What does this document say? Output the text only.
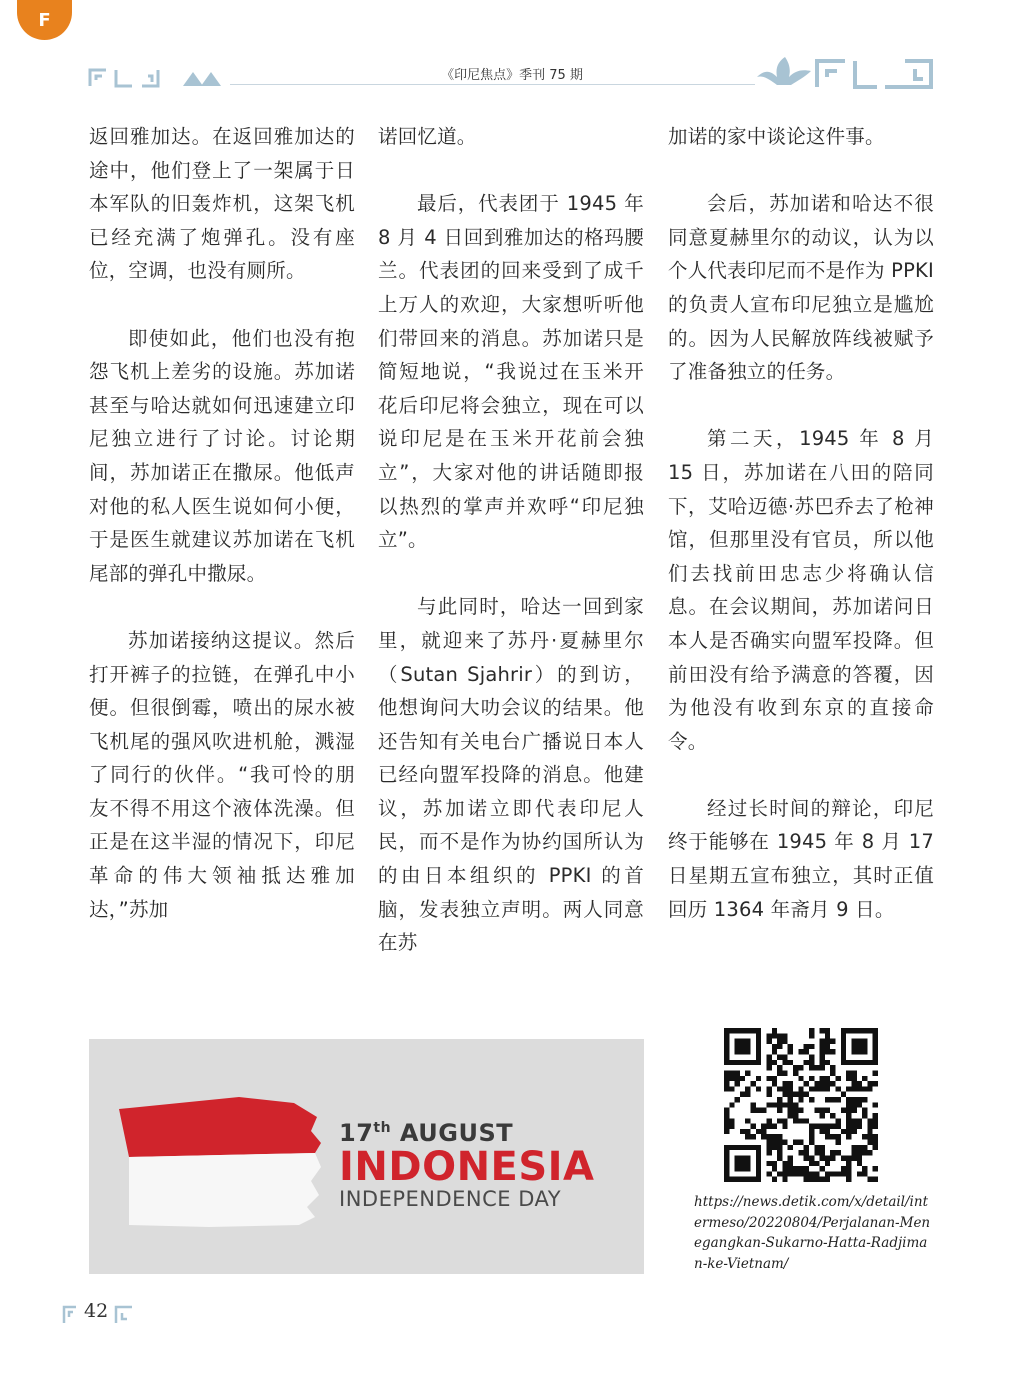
F
《印尼焦点》季刊 75 期

返回雅加达。在返回雅加达的途中，他们登上了一架属于日本军队的旧轰炸机，这架飞机已经充满了炮弹孔。没有座位，空调，也没有厕所。

即使如此，他们也没有抱怨飞机上差劣的设施。苏加诺甚至与哈达就如何迅速建立印尼独立进行了讨论。讨论期间，苏加诺正在撒尿。他低声对他的私人医生说如何小便，于是医生就建议苏加诺在飞机尾部的弹孔中撒尿。

苏加诺接纳这提议。然后打开裤子的拉链，在弹孔中小便。但很倒霉，喷出的尿水被飞机尾的强风吹进机舱，溅湿了同行的伙伴。“我可怜的朋友不得不用这个液体洗澡。但正是在这半湿的情况下，印尼革命的伟大领袖抵达雅加达，”苏加

诺回忆道。

最后，代表团于 1945 年 8 月 4 日回到雅加达的格玛腰兰。代表团的回来受到了成千上万人的欢迎，大家想听听他们带回来的消息。苏加诺只是简短地说，“我说过在玉米开花后印尼将会独立，现在可以说印尼是在玉米开花前会独立”，大家对他的讲话随即报以热烈的掌声并欢呼“印尼独立”。

与此同时，哈达一回到家里，就迎来了苏丹·夏赫里尔（Sutan Sjahrir）的到访，他想询问大叻会议的结果。他还告知有关电台广播说日本人已经向盟军投降的消息。他建议，苏加诺立即代表印尼人民，而不是作为协约国所认为的由日本组织的 PPKI 的首脑，发表独立声明。两人同意在苏

加诺的家中谈论这件事。

会后，苏加诺和哈达不很同意夏赫里尔的动议，认为以个人代表印尼而不是作为 PPKI 的负责人宣布印尼独立是尴尬的。因为人民解放阵线被赋予了准备独立的任务。

第二天，1945 年 8 月 15 日，苏加诺在八田的陪同下，艾哈迈德·苏巴乔去了枪神馆，但那里没有官员，所以他们去找前田忠志少将确认信息。在会议期间，苏加诺问日本人是否确实向盟军投降。但前田没有给予满意的答覆，因为他没有收到东京的直接命令。

经过长时间的辩论，印尼终于能够在 1945 年 8 月 17 日星期五宣布独立，其时正值回历 1364 年斋月 9 日。

17th AUGUST
INDONESIA
INDEPENDENCE DAY	https://news.detik.com/x/detail/intermeso/20220804/Perjalanan-Menegangkan-Sukarno-Hatta-Radjiman-ke-Vietnam/
42
